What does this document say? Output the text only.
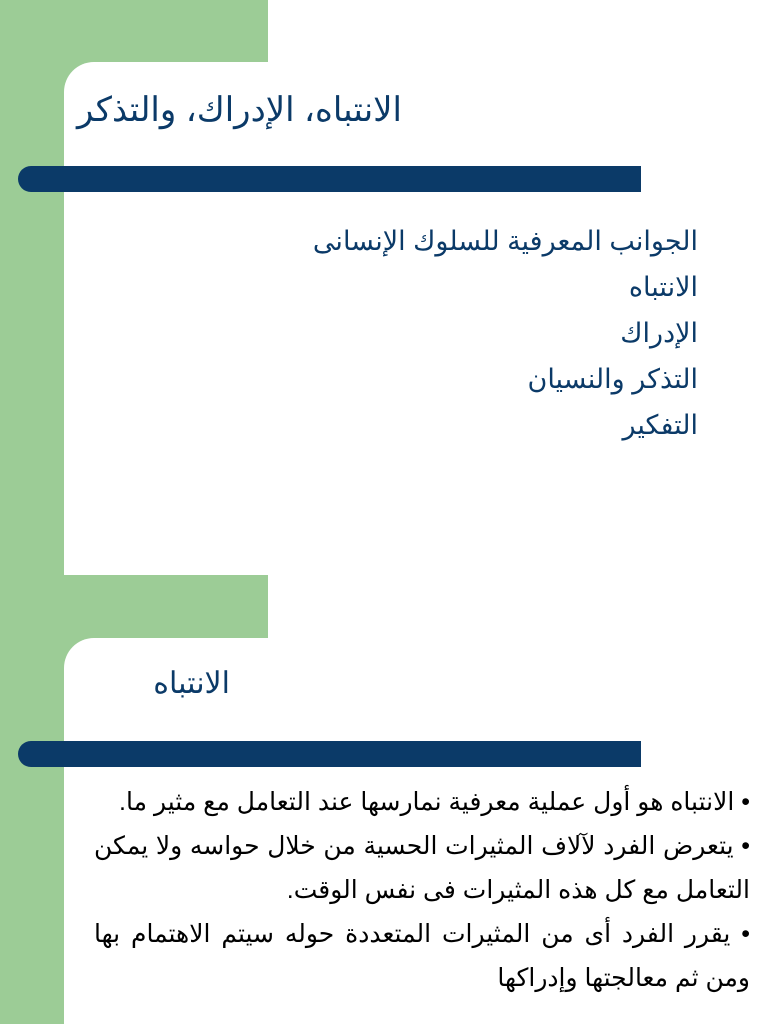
الانتباه، الإدراك، والتذكر
الجوانب المعرفية للسلوك الإنسانى
الانتباه
الإدراك
التذكر والنسيان
التفكير
الانتباه
• الانتباه هو أول عملية معرفية نمارسها عند التعامل مع مثير ما.
• يتعرض الفرد لآلاف المثيرات الحسية من خلال حواسه ولا يمكن التعامل مع كل هذه المثيرات فى نفس الوقت.
• يقرر الفرد أى من المثيرات المتعددة حوله سيتم الاهتمام بها ومن ثم معالجتها وإدراكها
